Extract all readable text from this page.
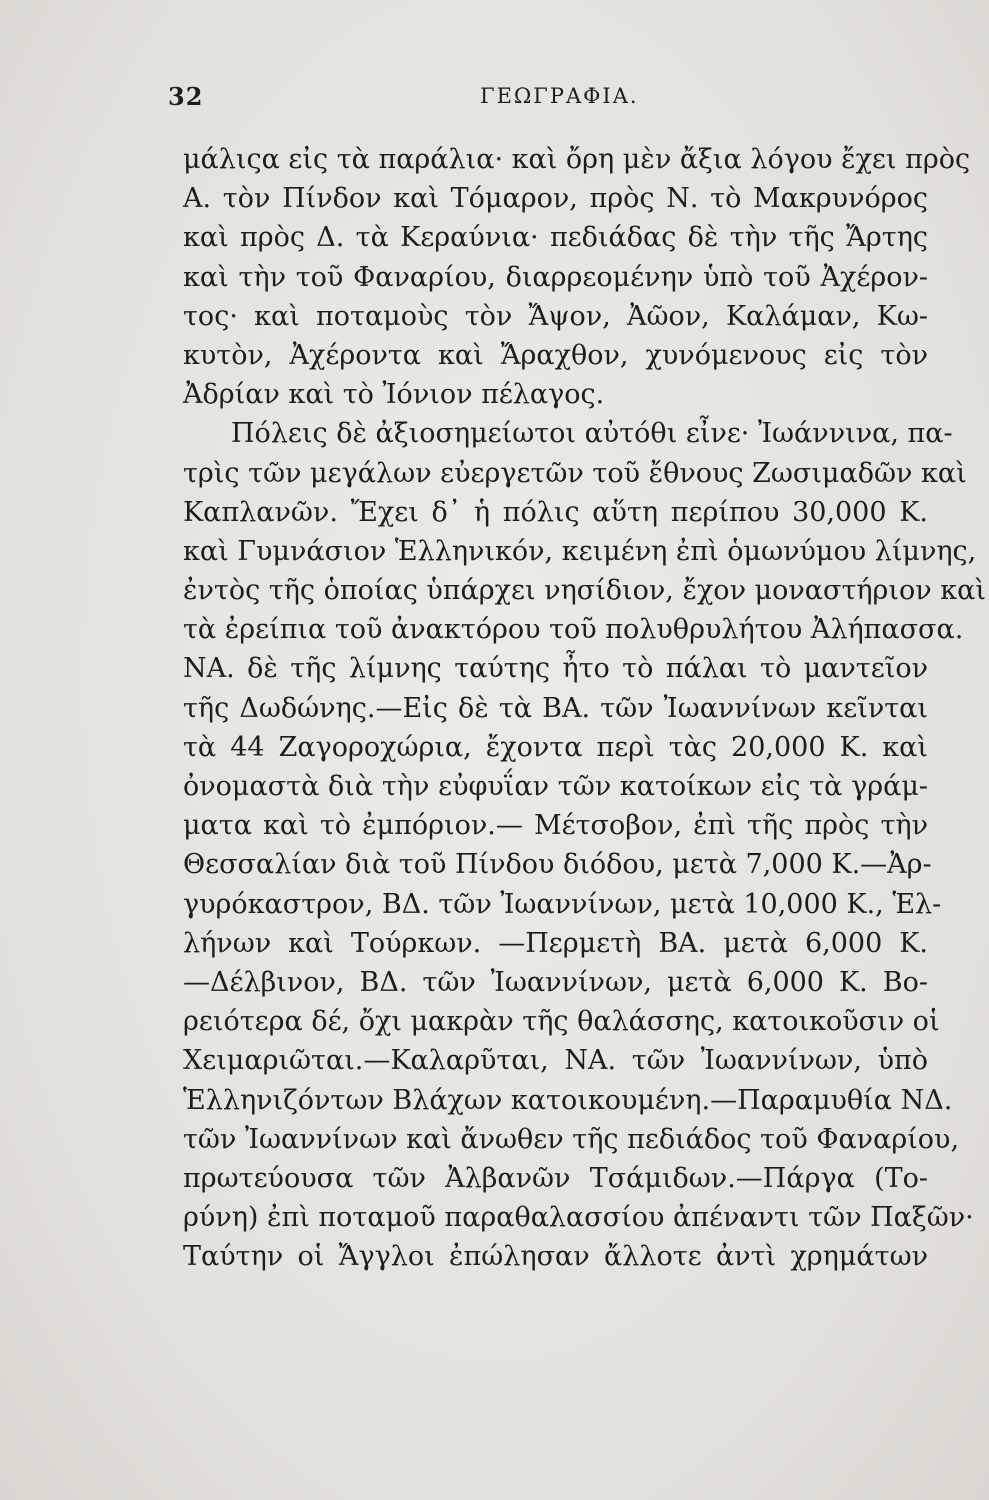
32	ΓΕΩΓΡΑΦΙΑ.
μάλιςα εἰς τὰ παράλια· καὶ ὄρη μὲν ἄξια λόγου ἔχει πρὸς
Α. τὸν Πίνδον καὶ Τόμαρον, πρὸς Ν. τὸ Μακρυνόρος
καὶ πρὸς Δ. τὰ Κεραύνια· πεδιάδας δὲ τὴν τῆς Ἄρτης
καὶ τὴν τοῦ Φαναρίου, διαρρεομένην ὑπὸ τοῦ Ἀχέρον-
τος· καὶ ποταμοὺς τὸν Ἄψον, Ἀῶον, Καλάμαν, Κω-
κυτὸν, Ἀχέροντα καὶ Ἄραχθον, χυνόμενους εἰς τὸν
Ἀδρίαν καὶ τὸ Ἰόνιον πέλαγος.
Πόλεις δὲ ἀξιοσημείωτοι αὐτόθι εἶνε· Ἰωάννινα, πα-
τρὶς τῶν μεγάλων εὐεργετῶν τοῦ ἔθνους Ζωσιμαδῶν καὶ
Καπλανῶν. Ἔχει δ᾽ ἡ πόλις αὕτη περίπου 30,000 Κ.
καὶ Γυμνάσιον Ἑλληνικόν, κειμένη ἐπὶ ὁμωνύμου λίμνης,
ἐντὸς τῆς ὁποίας ὑπάρχει νησίδιον, ἔχον μοναστήριον καὶ
τὰ ἐρείπια τοῦ ἀνακτόρου τοῦ πολυθρυλήτου Ἀλήπασσα.
ΝΑ. δὲ τῆς λίμνης ταύτης ἦτο τὸ πάλαι τὸ μαντεῖον
τῆς Δωδώνης.—Εἰς δὲ τὰ ΒΑ. τῶν Ἰωαννίνων κεῖνται
τὰ 44 Ζαγοροχώρια, ἔχοντα περὶ τὰς 20,000 Κ. καὶ
ὀνομαστὰ διὰ τὴν εὐφυΐαν τῶν κατοίκων εἰς τὰ γράμ-
ματα καὶ τὸ ἐμπόριον.— Μέτσοβον, ἐπὶ τῆς πρὸς τὴν
Θεσσαλίαν διὰ τοῦ Πίνδου διόδου, μετὰ 7,000 Κ.—Ἀρ-
γυρόκαστρον, ΒΔ. τῶν Ἰωαννίνων, μετὰ 10,000 Κ., Ἑλ-
λήνων καὶ Τούρκων. —Περμετὴ ΒΑ. μετὰ 6,000 Κ.
—Δέλβινον, ΒΔ. τῶν Ἰωαννίνων, μετὰ 6,000 Κ. Βο-
ρειότερα δέ, ὄχι μακρὰν τῆς θαλάσσης, κατοικοῦσιν οἱ
Χειμαριῶται.—Καλαρῦται, ΝΑ. τῶν Ἰωαννίνων, ὑπὸ
Ἑλληνιζόντων Βλάχων κατοικουμένη.—Παραμυθία ΝΔ.
τῶν Ἰωαννίνων καὶ ἄνωθεν τῆς πεδιάδος τοῦ Φαναρίου,
πρωτεύουσα τῶν Ἀλβανῶν Τσάμιδων.—Πάργα (Το-
ρύνη) ἐπὶ ποταμοῦ παραθαλασσίου ἀπέναντι τῶν Παξῶν·
Ταύτην οἱ Ἄγγλοι ἐπώλησαν ἄλλοτε ἀντὶ χρημάτων
